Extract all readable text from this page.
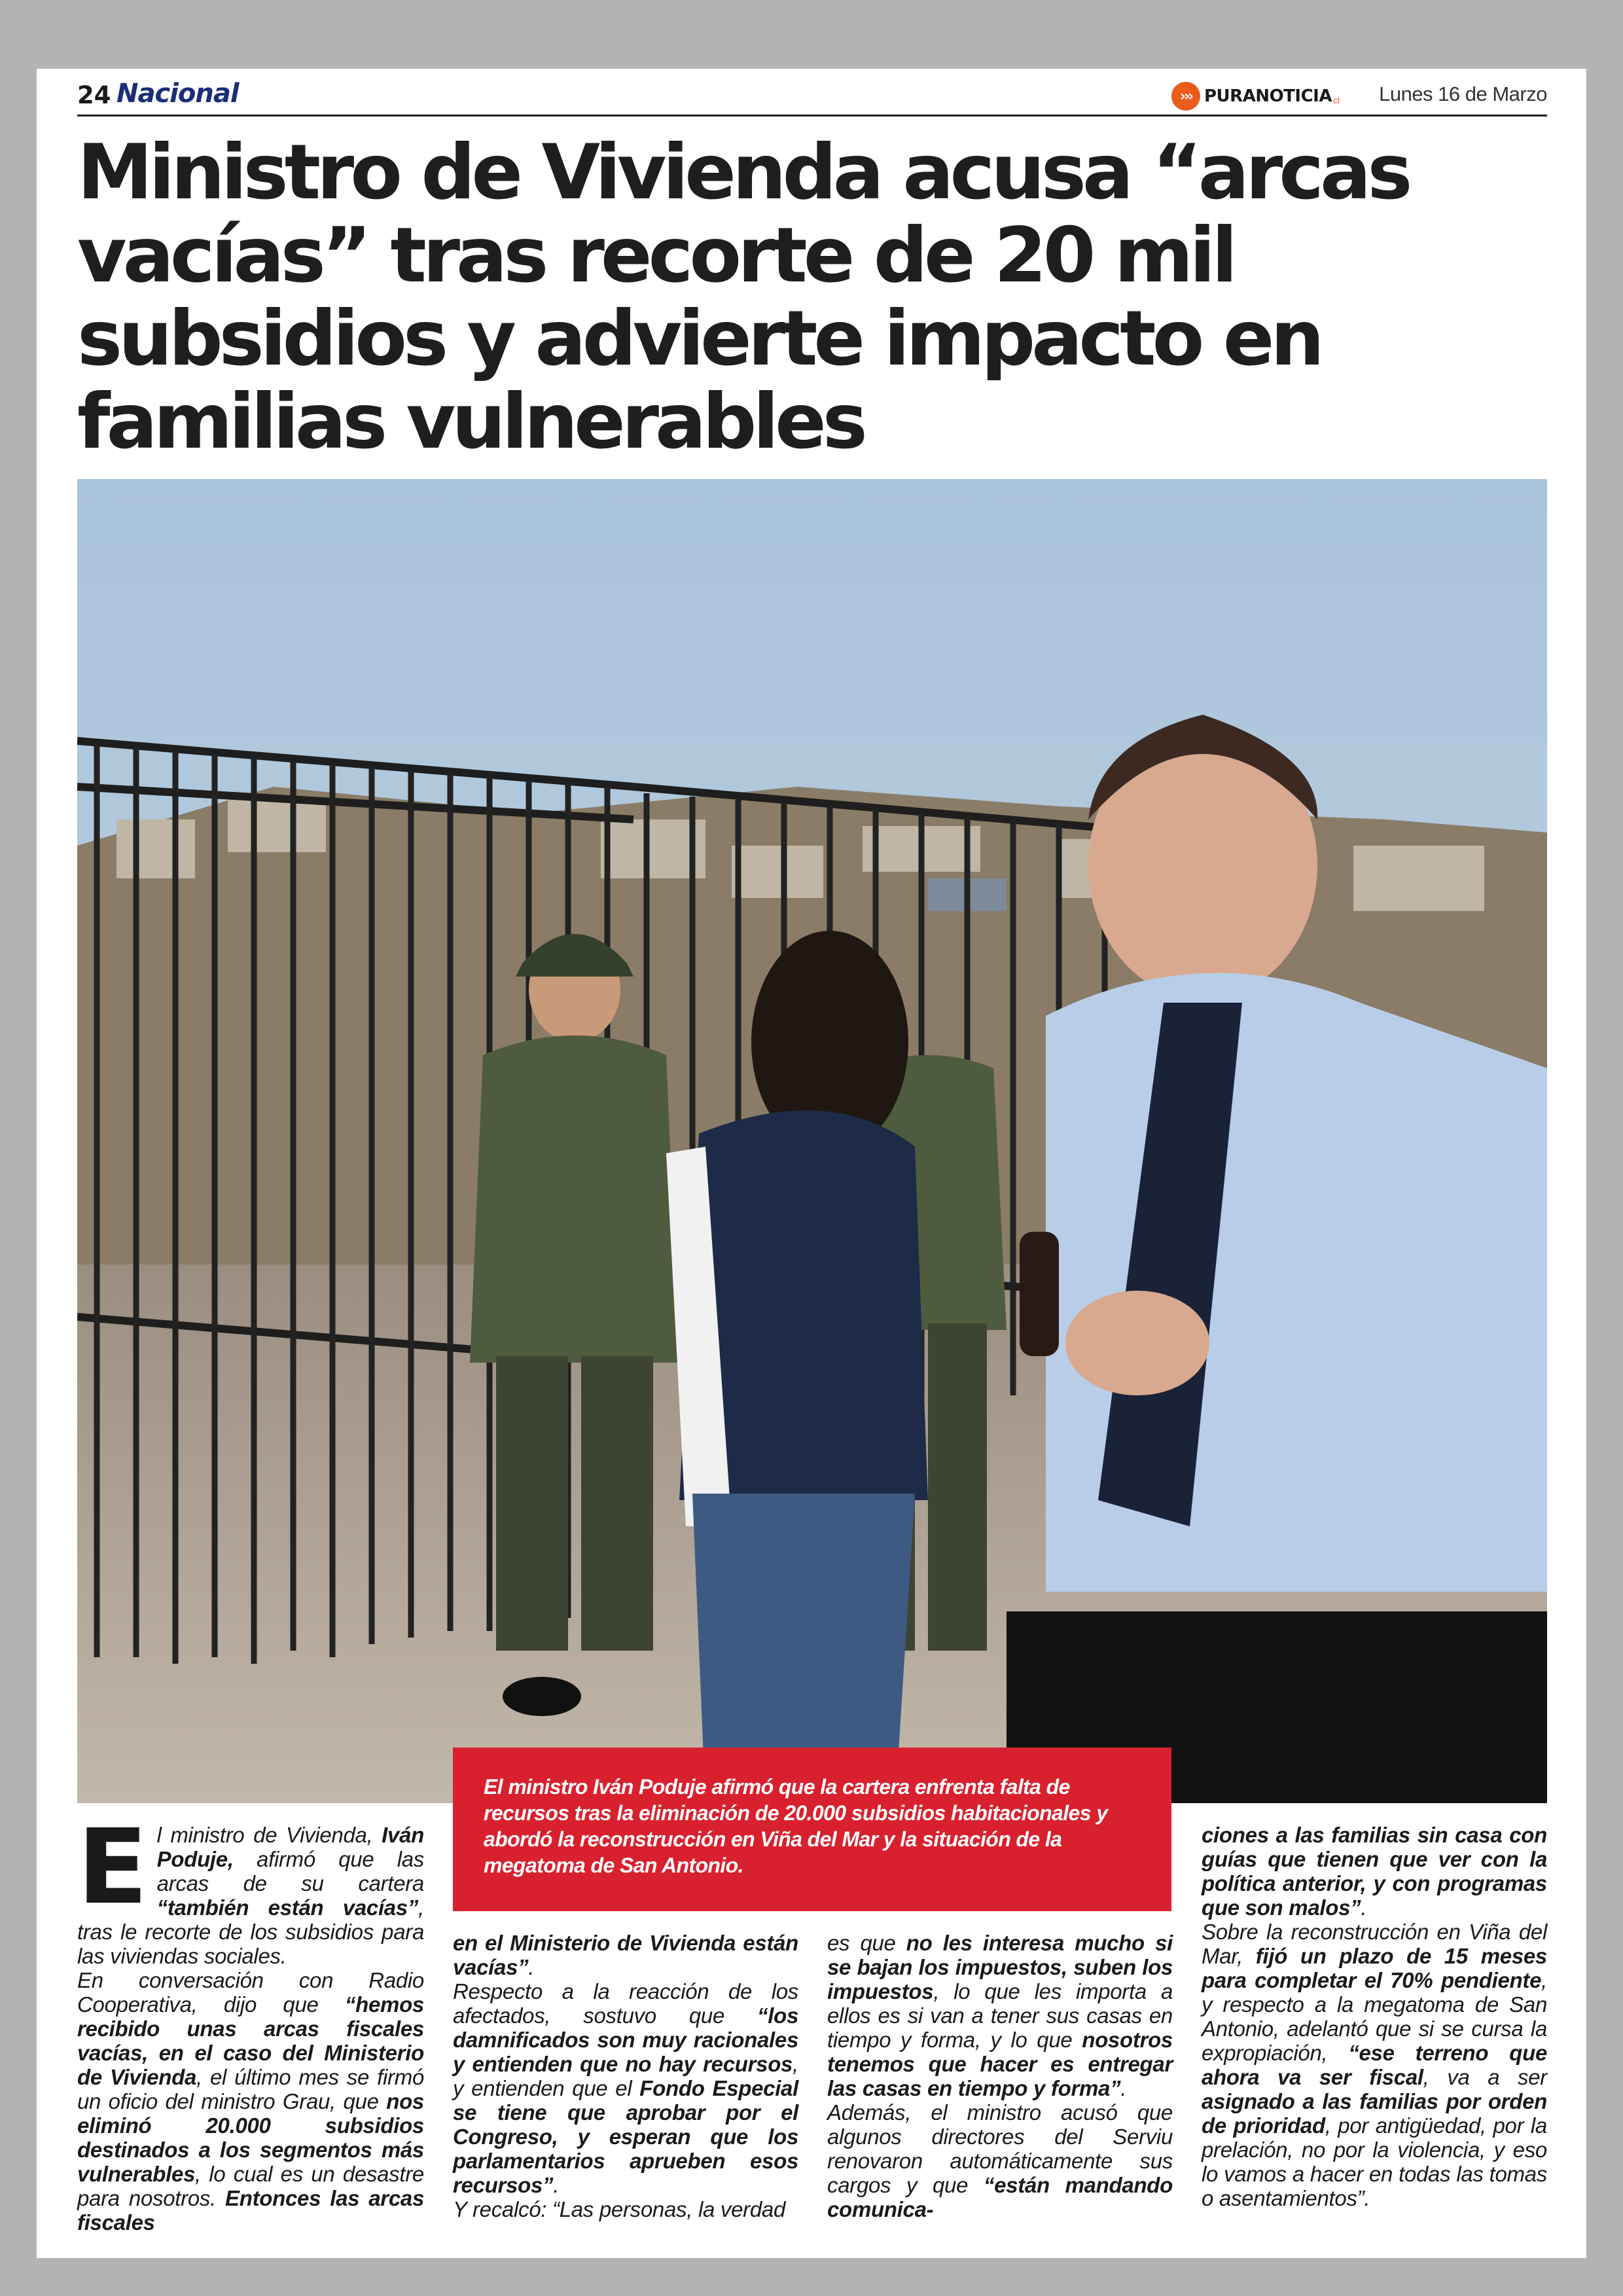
24 Nacional	››› PURANOTICIA cl Lunes 16 de Marzo
Ministro de Vivienda acusa “arcas vacías” tras recorte de 20 mil subsidios y advierte impacto en familias vulnerables
El ministro Iván Poduje afirmó que la cartera enfrenta falta de recursos tras la eliminación de 20.000 subsidios habitacionales y abordó la reconstrucción en Viña del Mar y la situación de la megatoma de San Antonio.
E l ministro de Vivienda, Iván Poduje, afirmó que las arcas de su cartera “también están vacías”, tras le recorte de los subsidios para las viviendas sociales.

En conversación con Radio Cooperativa, dijo que “hemos recibido unas arcas fiscales vacías, en el caso del Ministerio de Vivienda, el último mes se firmó un oficio del ministro Grau, que nos eliminó 20.000 subsidios destinados a los segmentos más vulnerables, lo cual es un desastre para nosotros. Entonces las arcas fiscales

en el Ministerio de Vivienda están vacías”.

Respecto a la reacción de los afectados, sostuvo que “los damnificados son muy racionales y entienden que no hay recursos, y entienden que el Fondo Especial se tiene que aprobar por el Congreso, y esperan que los parlamentarios aprueben esos recursos”.

Y recalcó: “Las personas, la verdad

es que no les interesa mucho si se bajan los impuestos, suben los impuestos, lo que les importa a ellos es si van a tener sus casas en tiempo y forma, y lo que nosotros tenemos que hacer es entregar las casas en tiempo y forma”.

Además, el ministro acusó que algunos directores del Serviu renovaron automáticamente sus cargos y que “están mandando comunica-

ciones a las familias sin casa con guías que tienen que ver con la política anterior, y con programas que son malos”.

Sobre la reconstrucción en Viña del Mar, fijó un plazo de 15 meses para completar el 70% pendiente, y respecto a la megatoma de San Antonio, adelantó que si se cursa la expropiación, “ese terreno que ahora va ser fiscal, va a ser asignado a las familias por orden de prioridad, por antigüedad, por la prelación, no por la violencia, y eso lo vamos a hacer en todas las tomas o asentamientos”.
